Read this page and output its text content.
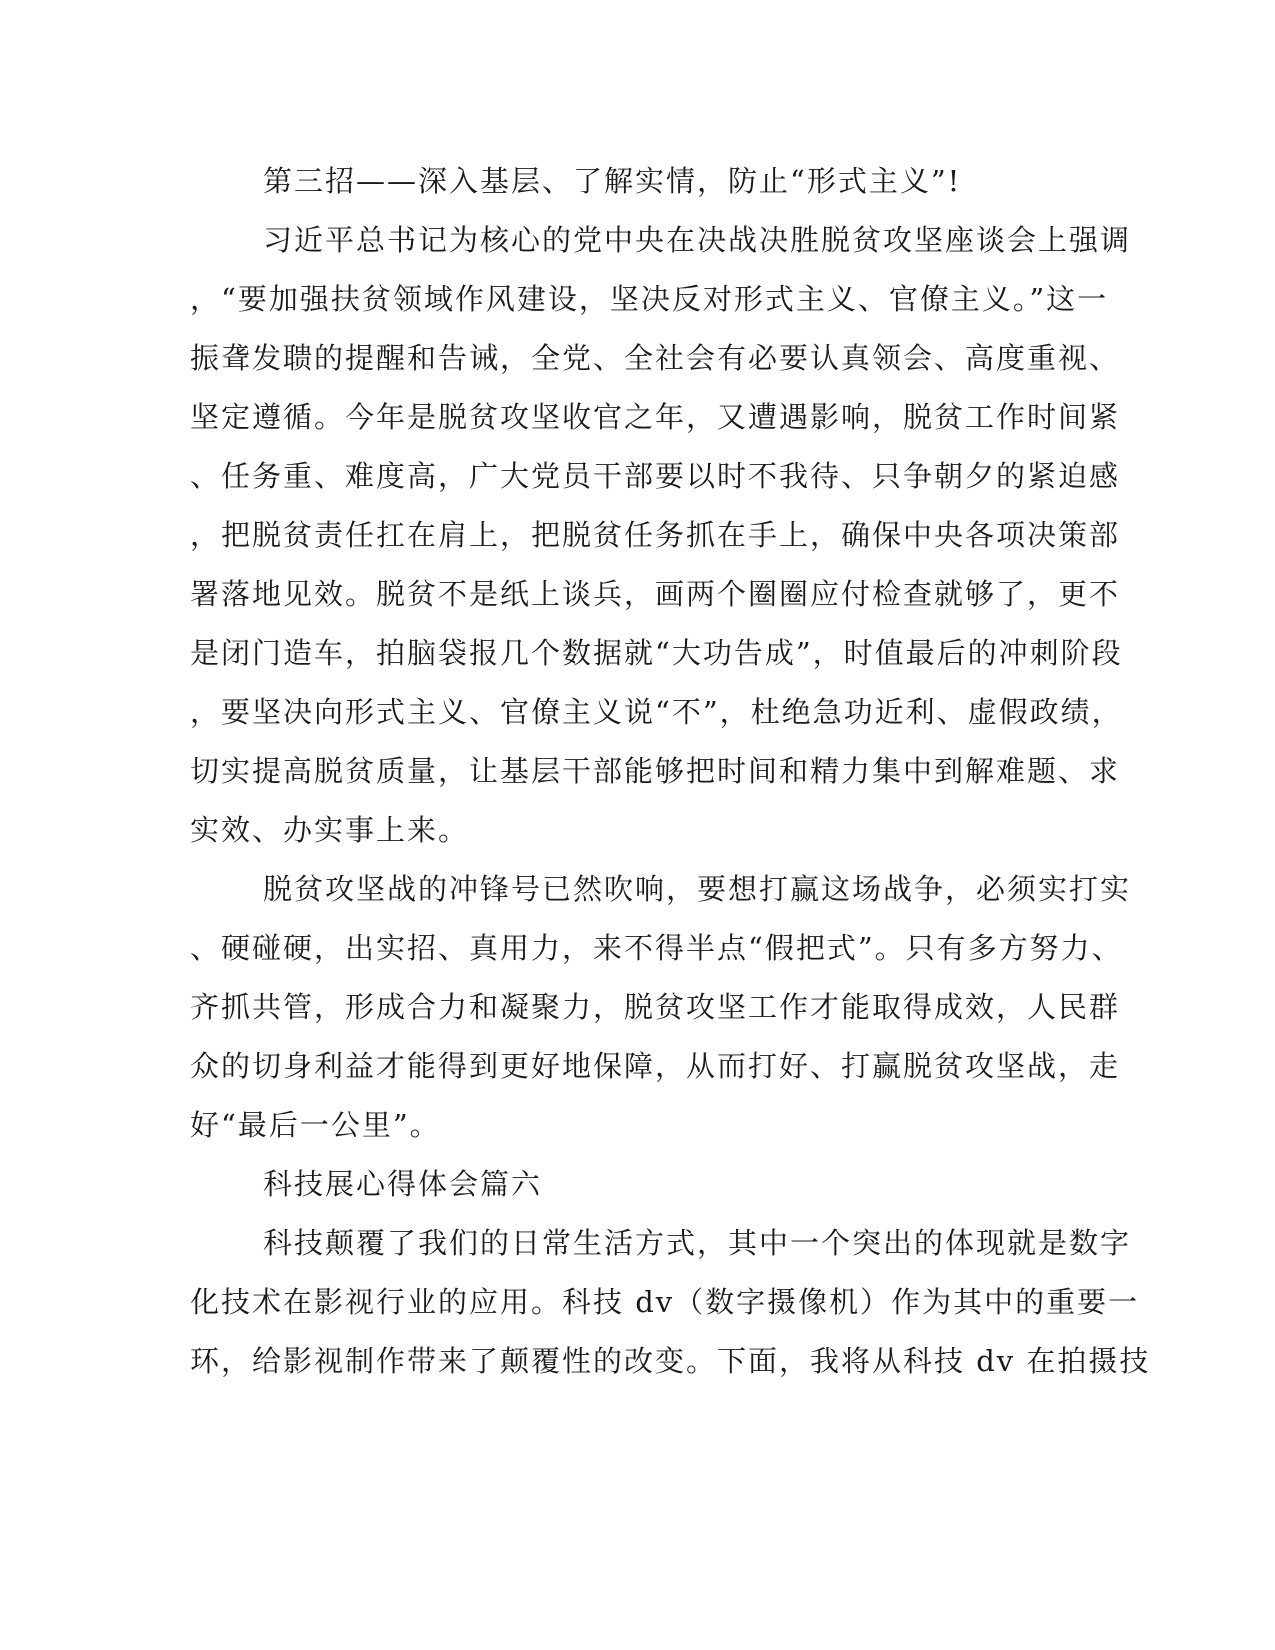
第三招——深入基层、了解实情，防止“形式主义”!
习近平总书记为核心的党中央在决战决胜脱贫攻坚座谈会上强调
，“要加强扶贫领域作风建设，坚决反对形式主义、官僚主义。”这一
振聋发聩的提醒和告诫，全党、全社会有必要认真领会、高度重视、
坚定遵循。今年是脱贫攻坚收官之年，又遭遇影响，脱贫工作时间紧
、任务重、难度高，广大党员干部要以时不我待、只争朝夕的紧迫感
，把脱贫责任扛在肩上，把脱贫任务抓在手上，确保中央各项决策部
署落地见效。脱贫不是纸上谈兵，画两个圈圈应付检查就够了，更不
是闭门造车，拍脑袋报几个数据就“大功告成”，时值最后的冲刺阶段
，要坚决向形式主义、官僚主义说“不”，杜绝急功近利、虚假政绩，
切实提高脱贫质量，让基层干部能够把时间和精力集中到解难题、求
实效、办实事上来。
脱贫攻坚战的冲锋号已然吹响，要想打赢这场战争，必须实打实
、硬碰硬，出实招、真用力，来不得半点“假把式”。只有多方努力、
齐抓共管，形成合力和凝聚力，脱贫攻坚工作才能取得成效，人民群
众的切身利益才能得到更好地保障，从而打好、打赢脱贫攻坚战，走
好“最后一公里”。
科技展心得体会篇六
科技颠覆了我们的日常生活方式，其中一个突出的体现就是数字
化技术在影视行业的应用。科技 dv（数字摄像机）作为其中的重要一
环，给影视制作带来了颠覆性的改变。下面，我将从科技 dv 在拍摄技
